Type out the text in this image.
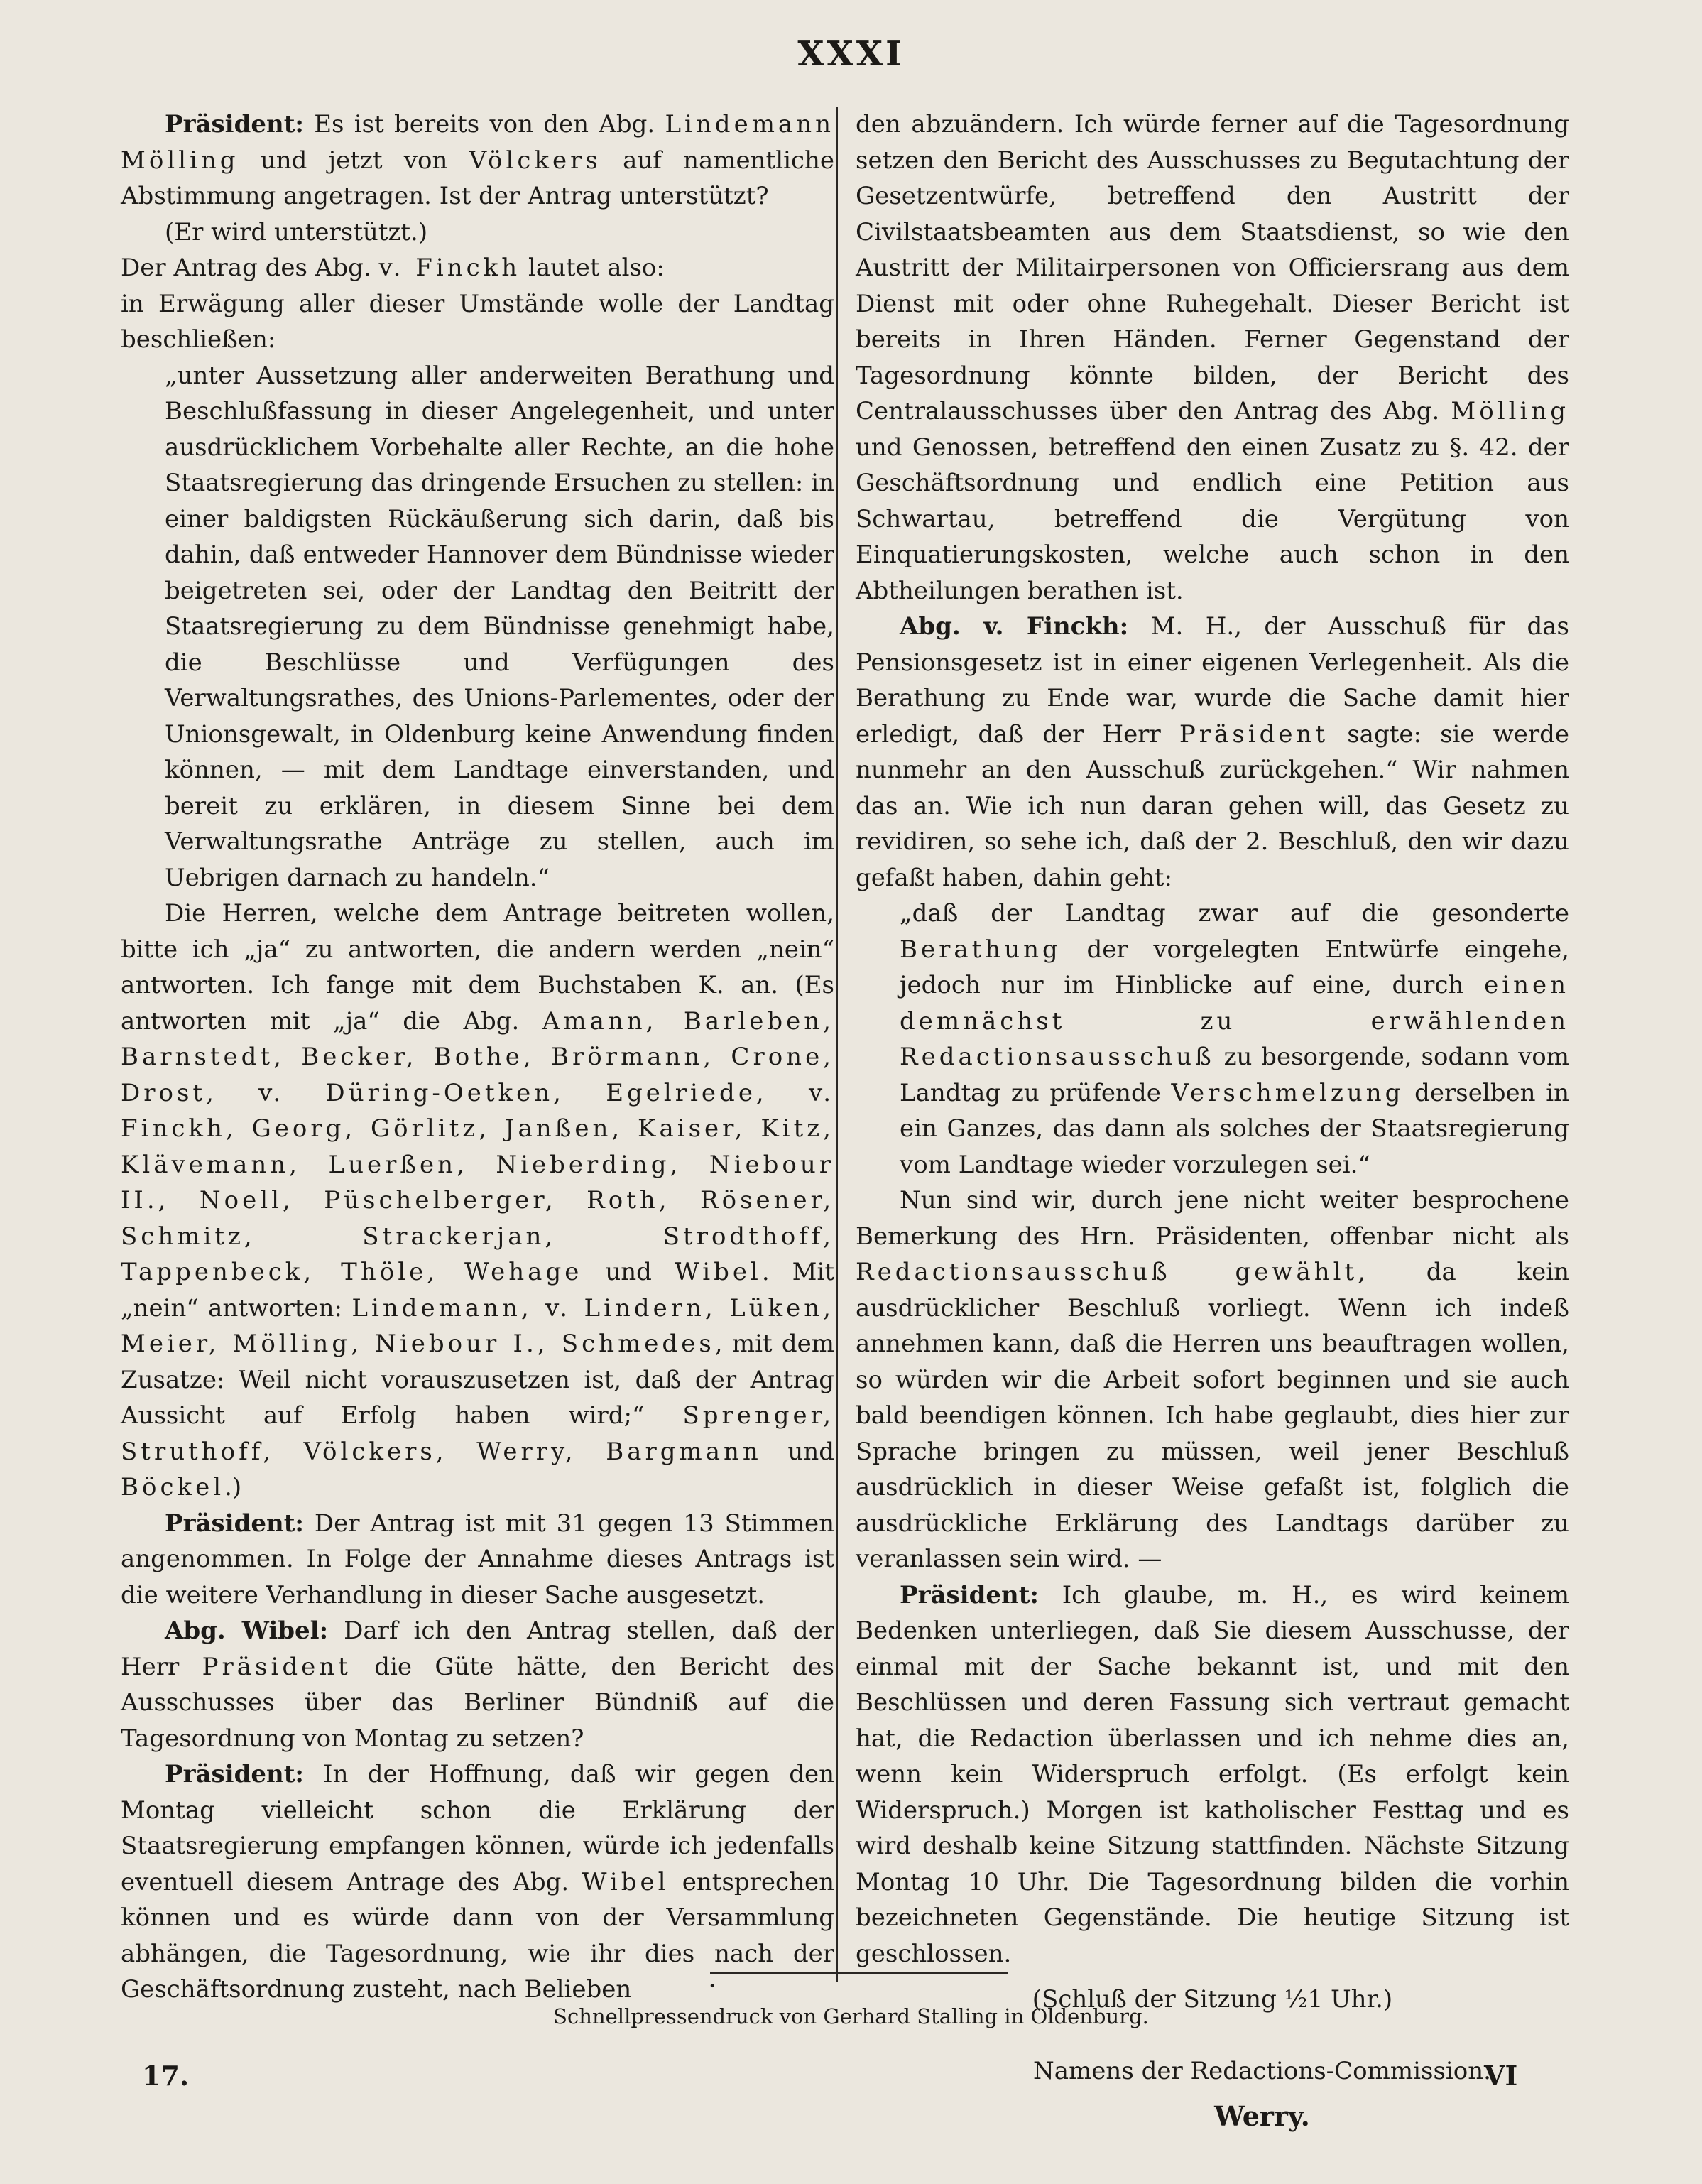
XXXI

Präsident: Es ist bereits von den Abg. Lindemann Mölling und jetzt von Völckers auf namentliche Abstimmung angetragen. Ist der Antrag unterstützt?

(Er wird unterstützt.)

Der Antrag des Abg. v. Finckh lautet also:

in Erwägung aller dieser Umstände wolle der Landtag beschließen:

„unter Aussetzung aller anderweiten Berathung und Beschlußfassung in dieser Angelegenheit, und unter ausdrücklichem Vorbehalte aller Rechte, an die hohe Staatsregierung das dringende Ersuchen zu stellen: in einer baldigsten Rückäußerung sich darin, daß bis dahin, daß entweder Hannover dem Bündnisse wieder beigetreten sei, oder der Landtag den Beitritt der Staatsregierung zu dem Bündnisse genehmigt habe, die Beschlüsse und Verfügungen des Verwaltungsrathes, des Unions-Parlementes, oder der Unionsgewalt, in Oldenburg keine Anwendung finden können, — mit dem Landtage einverstanden, und bereit zu erklären, in diesem Sinne bei dem Verwaltungsrathe Anträge zu stellen, auch im Uebrigen darnach zu handeln.“

Die Herren, welche dem Antrage beitreten wollen, bitte ich „ja“ zu antworten, die andern werden „nein“ antworten. Ich fange mit dem Buchstaben K. an. (Es antworten mit „ja“ die Abg. Amann, Barleben, Barnstedt, Becker, Bothe, Brörmann, Crone, Drost, v. Düring-Oetken, Egelriede, v. Finckh, Georg, Görlitz, Janßen, Kaiser, Kitz, Klävemann, Luerßen, Nieberding, Niebour II., Noell, Püschelberger, Roth, Rösener, Schmitz, Strackerjan, Strodthoff, Tappenbeck, Thöle, Wehage und Wibel. Mit „nein“ antworten: Lindemann, v. Lindern, Lüken, Meier, Mölling, Niebour I., Schmedes, mit dem Zusatze: Weil nicht vorauszusetzen ist, daß der Antrag Aussicht auf Erfolg haben wird;“ Sprenger, Struthoff, Völckers, Werry, Bargmann und Böckel.)

Präsident: Der Antrag ist mit 31 gegen 13 Stimmen angenommen. In Folge der Annahme dieses Antrags ist die weitere Verhandlung in dieser Sache ausgesetzt.

Abg. Wibel: Darf ich den Antrag stellen, daß der Herr Präsident die Güte hätte, den Bericht des Ausschusses über das Berliner Bündniß auf die Tagesordnung von Montag zu setzen?

Präsident: In der Hoffnung, daß wir gegen den Montag vielleicht schon die Erklärung der Staatsregierung empfangen können, würde ich jedenfalls eventuell diesem Antrage des Abg. Wibel entsprechen können und es würde dann von der Versammlung abhängen, die Tagesordnung, wie ihr dies nach der Geschäftsordnung zusteht, nach Belieben

den abzuändern. Ich würde ferner auf die Tagesordnung setzen den Bericht des Ausschusses zu Begutachtung der Gesetzentwürfe, betreffend den Austritt der Civilstaatsbeamten aus dem Staatsdienst, so wie den Austritt der Militairpersonen von Officiersrang aus dem Dienst mit oder ohne Ruhegehalt. Dieser Bericht ist bereits in Ihren Händen. Ferner Gegenstand der Tagesordnung könnte bilden, der Bericht des Centralausschusses über den Antrag des Abg. Mölling und Genossen, betreffend den einen Zusatz zu §. 42. der Geschäftsordnung und endlich eine Petition aus Schwartau, betreffend die Vergütung von Einquatierungskosten, welche auch schon in den Abtheilungen berathen ist.

Abg. v. Finckh: M. H., der Ausschuß für das Pensionsgesetz ist in einer eigenen Verlegenheit. Als die Berathung zu Ende war, wurde die Sache damit hier erledigt, daß der Herr Präsident sagte: sie werde nunmehr an den Ausschuß zurückgehen.“ Wir nahmen das an. Wie ich nun daran gehen will, das Gesetz zu revidiren, so sehe ich, daß der 2. Beschluß, den wir dazu gefaßt haben, dahin geht:

„daß der Landtag zwar auf die gesonderte Berathung der vorgelegten Entwürfe eingehe, jedoch nur im Hinblicke auf eine, durch einen demnächst zu erwählenden Redactionsausschuß zu besorgende, sodann vom Landtag zu prüfende Verschmelzung derselben in ein Ganzes, das dann als solches der Staatsregierung vom Landtage wieder vorzulegen sei.“

Nun sind wir, durch jene nicht weiter besprochene Bemerkung des Hrn. Präsidenten, offenbar nicht als Redactionsausschuß gewählt, da kein ausdrücklicher Beschluß vorliegt. Wenn ich indeß annehmen kann, daß die Herren uns beauftragen wollen, so würden wir die Arbeit sofort beginnen und sie auch bald beendigen können. Ich habe geglaubt, dies hier zur Sprache bringen zu müssen, weil jener Beschluß ausdrücklich in dieser Weise gefaßt ist, folglich die ausdrückliche Erklärung des Landtags darüber zu veranlassen sein wird. —

Präsident: Ich glaube, m. H., es wird keinem Bedenken unterliegen, daß Sie diesem Ausschusse, der einmal mit der Sache bekannt ist, und mit den Beschlüssen und deren Fassung sich vertraut gemacht hat, die Redaction überlassen und ich nehme dies an, wenn kein Widerspruch erfolgt. (Es erfolgt kein Widerspruch.) Morgen ist katholischer Festtag und es wird deshalb keine Sitzung stattfinden. Nächste Sitzung Montag 10 Uhr. Die Tagesordnung bilden die vorhin bezeichneten Gegenstände. Die heutige Sitzung ist geschlossen.

(Schluß der Sitzung ½1 Uhr.)

Namens der Redactions-Commission.

Werry.

•
Schnellpressendruck von Gerhard Stalling in Oldenburg.
17.	VI
